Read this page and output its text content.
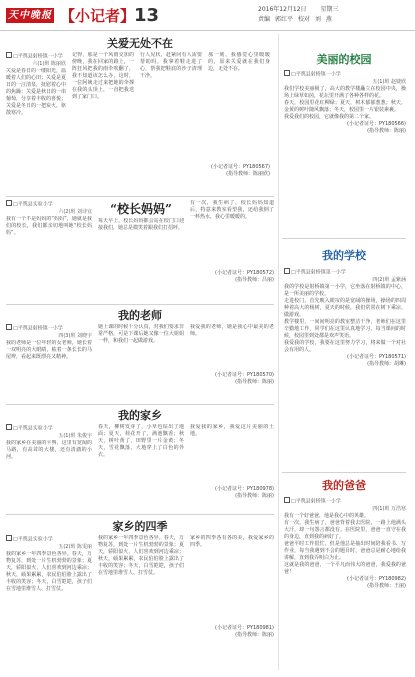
天中晚报 【小记者】
13	2016年12月12日 星期三
责编 郭红平 校对 刘 燕
关爱无处不在
□平舆县射桥镇一小学
六(1)班 陈丽欣
关爱是春日的一缕阳光，温暖着人们的心田；关爱是夏日的一汪清泉，抚慰着心中的焦躁；关爱是秋日的一串葡萄，分享着丰收的喜悦；关爱是冬日的一把炭火，驱散寒冷。
记得，那是一个风雨交加的傍晚，我在回家的路上，一阵狂风把我的雨伞吹翻了，我不知道该怎么办，这时，一位阿姨走过来把她的伞撑在我的头顶上，一直把我送到了家门口。
行人见状，赶紧问有人需要帮助吗，我拿着鞋走进了心，帮我把鞋底的沙子清理干净。
那一刻，我感觉心里暖暖的，原来关爱就在我们身边，无处不在。
(小记者证号：PY180567)
(指导教师：陈丽欣)
□平舆县实验小学
六(2)班 刘诗宜
我有一个不是妈妈的“妈妈”，她就是我们的校长，我们都亲切地叫她“校长妈妈”。
“校长妈妈”
每天早上，校长妈妈都会站在校门口迎接我们，她总是微笑着跟我们打招呼。
有一次，我生病了，校长妈妈知道后，特意来教室看望我，还给我倒了一杯热水，我心里暖暖的。
(小记者证号：PY180572)
(指导教师：吕丽)
我的老师
□平舆县射桥镇一小学
四(3)班 刘晓宇
我的老师是一位年轻的女老师，她长着一双明亮的大眼睛，梳着一条长长的马尾辫，看起来既漂亮又精神。
她上课的时候十分认真，对我们要求非常严格，可是下课后她又像一位大姐姐一样，和我们一起做游戏。
我爱我的老师，她是我心中最美的老师。
(小记者证号：PY180570)
(指导教师：陈丽)
我的家乡
□平舆县实验小学
五(1)班 朱俊宇
我的家乡在美丽的平舆，这里有宽阔的马路，有高耸的大楼，还有清澈的小河。
春天，柳树发芽了，小草也钻出了地面；夏天，荷花开了，满池飘香；秋天，树叶黄了，田野里一片金黄；冬天，雪花飘落，大地穿上了白色的外衣。
我爱我的家乡，我爱这片美丽的土地。
(小记者证号：PY180978)
(指导教师：陈丽)
家乡的四季
□平舆县实验小学
五(2)班 陈雯丽
我的家乡一年四季景色各异。春天，万物复苏，到处一片生机勃勃的景象；夏天，骄阳似火，人们喜欢到河边乘凉；秋天，硕果累累，农民伯伯脸上露出了丰收的笑容；冬天，白雪皑皑，孩子们在雪地里堆雪人、打雪仗。
我的家乡一年四季景色各异。春天，万物复苏，到处一片生机勃勃的景象；夏天，骄阳似火，人们喜欢到河边乘凉；秋天，硕果累累，农民伯伯脸上露出了丰收的笑容；冬天，白雪皑皑，孩子们在雪地里堆雪人、打雪仗。
家乡的四季各有各的美，我爱家乡的四季。
(小记者证号：PY180981)
(指导教师：陈丽)
美丽的校园
□平舆县射桥镇一小学
五(1)班 赵婕欣
我们学校美丽极了，高大的教学楼矗立在校园中央，操场上绿草如茵，花坛里开满了各种各样的花。
春天，校园里花红柳绿；夏天，树木郁郁葱葱；秋天，金黄的树叶随风飘落；冬天，校园里一片银装素裹。
我爱我们的校园，它就像我的第二个家。
(小记者证号：PY180566)
(指导教师：陈丽)
我的学校
□平舆县射桥镇第一小学
四(2)班 孟紫涵
我的学校是射桥镇第一小学，它坐落在射桥镇的中心，是一所美丽的学校。
走进校门，首先映入眼帘的是宽阔的操场，操场的四周种着高大的杨树，夏天的时候，我们常常在树下乘凉、做游戏。
教学楼里，一间间明亮的教室整洁干净，老师们在这里辛勤地工作，同学们在这里认真地学习，每当课间的时候，校园里到处都是欢声笑语。
我爱我的学校，我要在这里努力学习，将来做一个对社会有用的人。
(小记者证号：PY180571)
(指导教师：胡琳)
我的爸爸
□平舆县射桥镇一小学
四(1)班 万浩寒
我有一个好爸爸，他是我心中的英雄。
有一次，我生病了，爸爸背着我去医院，一路上他满头大汗，却一句怨言都没有。在医院里，爸爸一直守在我的身边，直到我的病好了。
爸爸平时工作很忙，但是他总是抽出时间陪我看书、写作业，每当我遇到不会的题目时，爸爸总是耐心地给我讲解，直到我弄明白为止。
这就是我的爸爸，一个平凡而伟大的爸爸，我爱我的爸爸！
(小记者证号：PY180982)
(指导教师：王丽)
